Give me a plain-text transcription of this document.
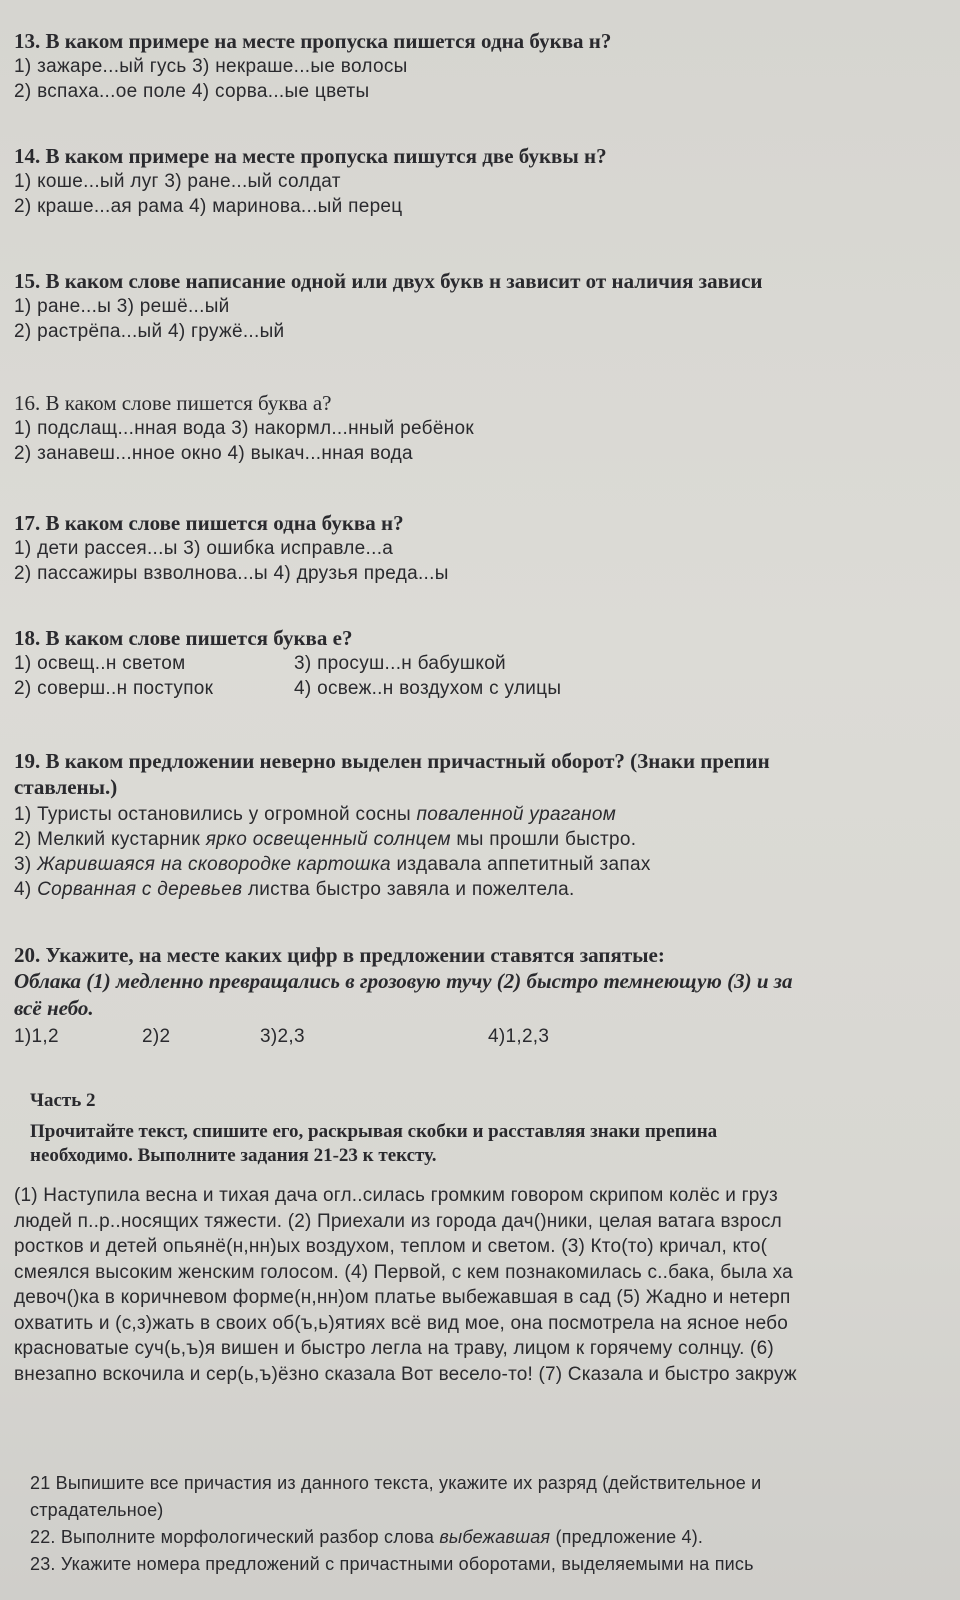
13. В каком примере на месте пропуска пишется одна буква н?
1) зажаре...ый гусь 3) некраше...ые волосы
2) вспаха...ое поле 4) сорва...ые цветы
14. В каком примере на месте пропуска пишутся две буквы н?
1) коше...ый луг 3) ране...ый солдат
2) краше...ая рама 4) маринова...ый перец
15. В каком слове написание одной или двух букв н зависит от наличия зависи
1) ране...ы 3) решё...ый
2) растрёпа...ый 4) гружё...ый
16. В каком слове пишется буква а?
1) подслащ...нная вода 3) накормл...нный ребёнок
2) занавеш...нное окно 4) выкач...нная вода
17. В каком слове пишется одна буква н?
1) дети рассея...ы 3) ошибка исправле...а
2) пассажиры взволнова...ы 4) друзья преда...ы
18. В каком слове пишется буква е?
1) освещ..н светом	3) просуш...н бабушкой
2) соверш..н поступок	4) освеж..н воздухом с улицы
19. В каком предложении неверно выделен причастный оборот? (Знаки препин
ставлены.)
1) Туристы остановились у огромной сосны поваленной ураганом
2) Мелкий кустарник ярко освещенный солнцем мы прошли быстро.
3) Жарившаяся на сковородке картошка издавала аппетитный запах
4) Сорванная с деревьев листва быстро завяла и пожелтела.
20. Укажите, на месте каких цифр в предложении ставятся запятые:
Облака (1) медленно превращались в грозовую тучу (2) быстро темнеющую (3) и за
всё небо.
1)1,2	2)2	3)2,3	4)1,2,3
Часть 2
Прочитайте текст, спишите его, раскрывая скобки и расставляя знаки препина
необходимо. Выполните задания 21-23 к тексту.
(1) Наступила весна и тихая дача огл..силась громким говором скрипом колёс и груз
людей п..р..носящих тяжести. (2) Приехали из города дач()ники, целая ватага взросл
ростков и детей опьянё(н,нн)ых воздухом, теплом и светом. (3) Кто(то) кричал, кто(
смеялся высоким женским голосом. (4) Первой, с кем познакомилась с..бака, была ха
девоч()ка в коричневом форме(н,нн)ом платье выбежавшая в сад (5) Жадно и нетерп
охватить и (с,з)жать в своих об(ъ,ь)ятиях всё вид мое, она посмотрела на ясное небо
красноватые суч(ь,ъ)я вишен и быстро легла на траву, лицом к горячему солнцу. (6)
внезапно вскочила и сер(ь,ъ)ёзно сказала Вот весело-то! (7) Сказала и быстро закруж
21 Выпишите все причастия из данного текста, укажите их разряд (действительное и
страдательное)
22. Выполните морфологический разбор слова выбежавшая (предложение 4).
23. Укажите номера предложений с причастными оборотами, выделяемыми на пись
